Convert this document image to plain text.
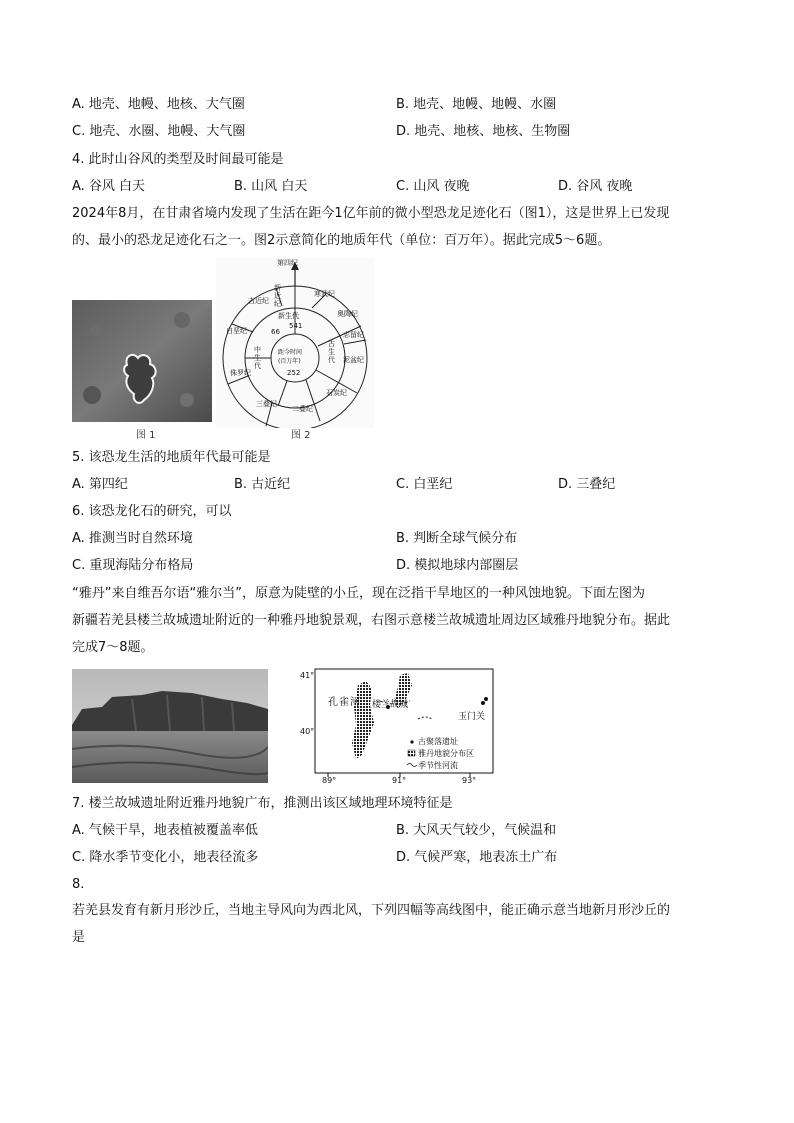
A. 地壳、地幔、地核、大气圈	B. 地壳、地幔、地幔、水圈
C. 地壳、水圈、地幔、大气圈	D. 地壳、地核、地核、生物圈
4. 此时山谷风的类型及时间最可能是
A. 谷风 白天	B. 山风 白天	C. 山风 夜晚	D. 谷风 夜晚
2024年8月，在甘肃省境内发现了生活在距今1亿年前的微小型恐龙足迹化石（图1），这是世界上已发现
的、最小的恐龙足迹化石之一。图2示意简化的地质年代（单位：百万年）。据此完成5～6题。
图 1
第四纪
新近纪
古近纪
寒武纪
奥陶纪
志留纪
泥盆纪
石炭纪
二叠纪
三叠纪
侏罗纪
白垩纪
新生代
中生代
古生代
541
66
252
距今时间
(百万年)
图 2
5. 该恐龙生活的地质年代最可能是
A. 第四纪	B. 古近纪	C. 白垩纪	D. 三叠纪
6. 该恐龙化石的研究，可以
A. 推测当时自然环境	B. 判断全球气候分布
C. 重现海陆分布格局	D. 模拟地球内部圈层
“雅丹”来自维吾尔语“雅尔当”，原意为陡壁的小丘，现在泛指干旱地区的一种风蚀地貌。下面左图为
新疆若羌县楼兰故城遗址附近的一种雅丹地貌景观，右图示意楼兰故城遗址周边区域雅丹地貌分布。据此
完成7～8题。
41°
40°
89°	91°	93°
孔雀河 楼兰故城
玉门关
古聚落遗址
雅丹地貌分布区
季节性河流
7. 楼兰故城遗址附近雅丹地貌广布，推测出该区域地理环境特征是
A. 气候干旱，地表植被覆盖率低	B. 大风天气较少，气候温和
C. 降水季节变化小，地表径流多	D. 气候严寒，地表冻土广布
8.
若羌县发育有新月形沙丘，当地主导风向为西北风，下列四幅等高线图中，能正确示意当地新月形沙丘的
是
